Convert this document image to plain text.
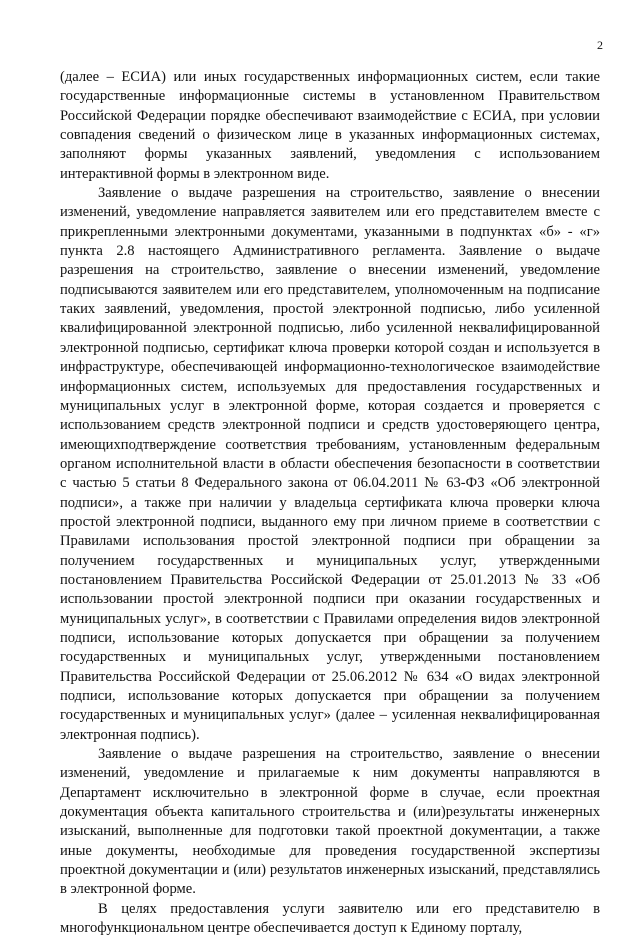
2

(далее – ЕСИА) или иных государственных информационных систем, если такие государственные информационные системы в установленном Правительством Российской Федерации порядке обеспечивают взаимодействие с ЕСИА, при условии совпадения сведений о физическом лице в указанных информационных системах, заполняют формы указанных заявлений, уведомления с использованием интерактивной формы в электронном виде.

Заявление о выдаче разрешения на строительство, заявление о внесении изменений, уведомление направляется заявителем или его представителем вместе с прикрепленными электронными документами, указанными в подпунктах «б» - «г» пункта 2.8 настоящего Административного регламента. Заявление о выдаче разрешения на строительство, заявление о внесении изменений, уведомление подписываются заявителем или его представителем, уполномоченным на подписание таких заявлений, уведомления, простой электронной подписью, либо усиленной квалифицированной электронной подписью, либо усиленной неквалифицированной электронной подписью, сертификат ключа проверки которой создан и используется в инфраструктуре, обеспечивающей информационно-технологическое взаимодействие информационных систем, используемых для предоставления государственных и муниципальных услуг в электронной форме, которая создается и проверяется с использованием средств электронной подписи и средств удостоверяющего центра, имеющихподтверждение соответствия требованиям, установленным федеральным органом исполнительной власти в области обеспечения безопасности в соответствии с частью 5 статьи 8 Федерального закона от 06.04.2011 № 63-ФЗ «Об электронной подписи», а также при наличии у владельца сертификата ключа проверки ключа простой электронной подписи, выданного ему при личном приеме в соответствии с Правилами использования простой электронной подписи при обращении за получением государственных и муниципальных услуг, утвержденными постановлением Правительства Российской Федерации от 25.01.2013 № 33 «Об использовании простой электронной подписи при оказании государственных и муниципальных услуг», в соответствии с Правилами определения видов электронной подписи, использование которых допускается при обращении за получением государственных и муниципальных услуг, утвержденными постановлением Правительства Российской Федерации от 25.06.2012 № 634 «О видах электронной подписи, использование которых допускается при обращении за получением государственных и муниципальных услуг» (далее – усиленная неквалифицированная электронная подпись).

Заявление о выдаче разрешения на строительство, заявление о внесении изменений, уведомление и прилагаемые к ним документы направляются в Департамент исключительно в электронной форме в случае, если проектная документация объекта капитального строительства и (или)результаты инженерных изысканий, выполненные для подготовки такой проектной документации, а также иные документы, необходимые для проведения государственной экспертизы проектной документации и (или) результатов инженерных изысканий, представлялись в электронной форме.

В целях предоставления услуги заявителю или его представителю в многофункциональном центре обеспечивается доступ к Единому порталу,
